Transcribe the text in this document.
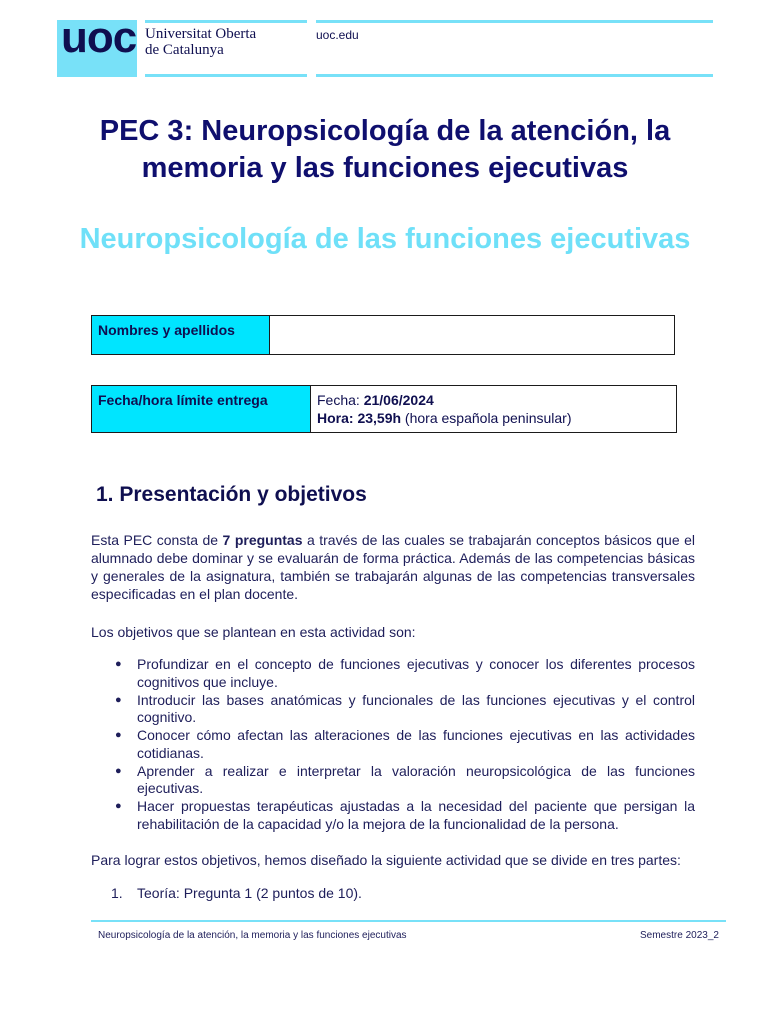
uoc Universitat Oberta
de Catalunya
uoc.edu
PEC 3: Neuropsicología de la atención, la memoria y las funciones ejecutivas
Neuropsicología de las funciones ejecutivas
Nombres y apellidos
Fecha/hora límite entrega	Fecha: 21/06/2024
Hora: 23,59h (hora española peninsular)
1. Presentación y objetivos

Esta PEC consta de 7 preguntas a través de las cuales se trabajarán conceptos básicos que el alumnado debe dominar y se evaluarán de forma práctica. Además de las competencias básicas y generales de la asignatura, también se trabajarán algunas de las competencias transversales especificadas en el plan docente.

Los objetivos que se plantean en esta actividad son:

● Profundizar en el concepto de funciones ejecutivas y conocer los diferentes procesos cognitivos que incluye.
● Introducir las bases anatómicas y funcionales de las funciones ejecutivas y el control cognitivo.
● Conocer cómo afectan las alteraciones de las funciones ejecutivas en las actividades cotidianas.
● Aprender a realizar e interpretar la valoración neuropsicológica de las funciones ejecutivas.
● Hacer propuestas terapéuticas ajustadas a la necesidad del paciente que persigan la rehabilitación de la capacidad y/o la mejora de la funcionalidad de la persona.

Para lograr estos objetivos, hemos diseñado la siguiente actividad que se divide en tres partes:

1. Teoría: Pregunta 1 (2 puntos de 10).
Neuropsicología de la atención, la memoria y las funciones ejecutivas	Semestre 2023_2
